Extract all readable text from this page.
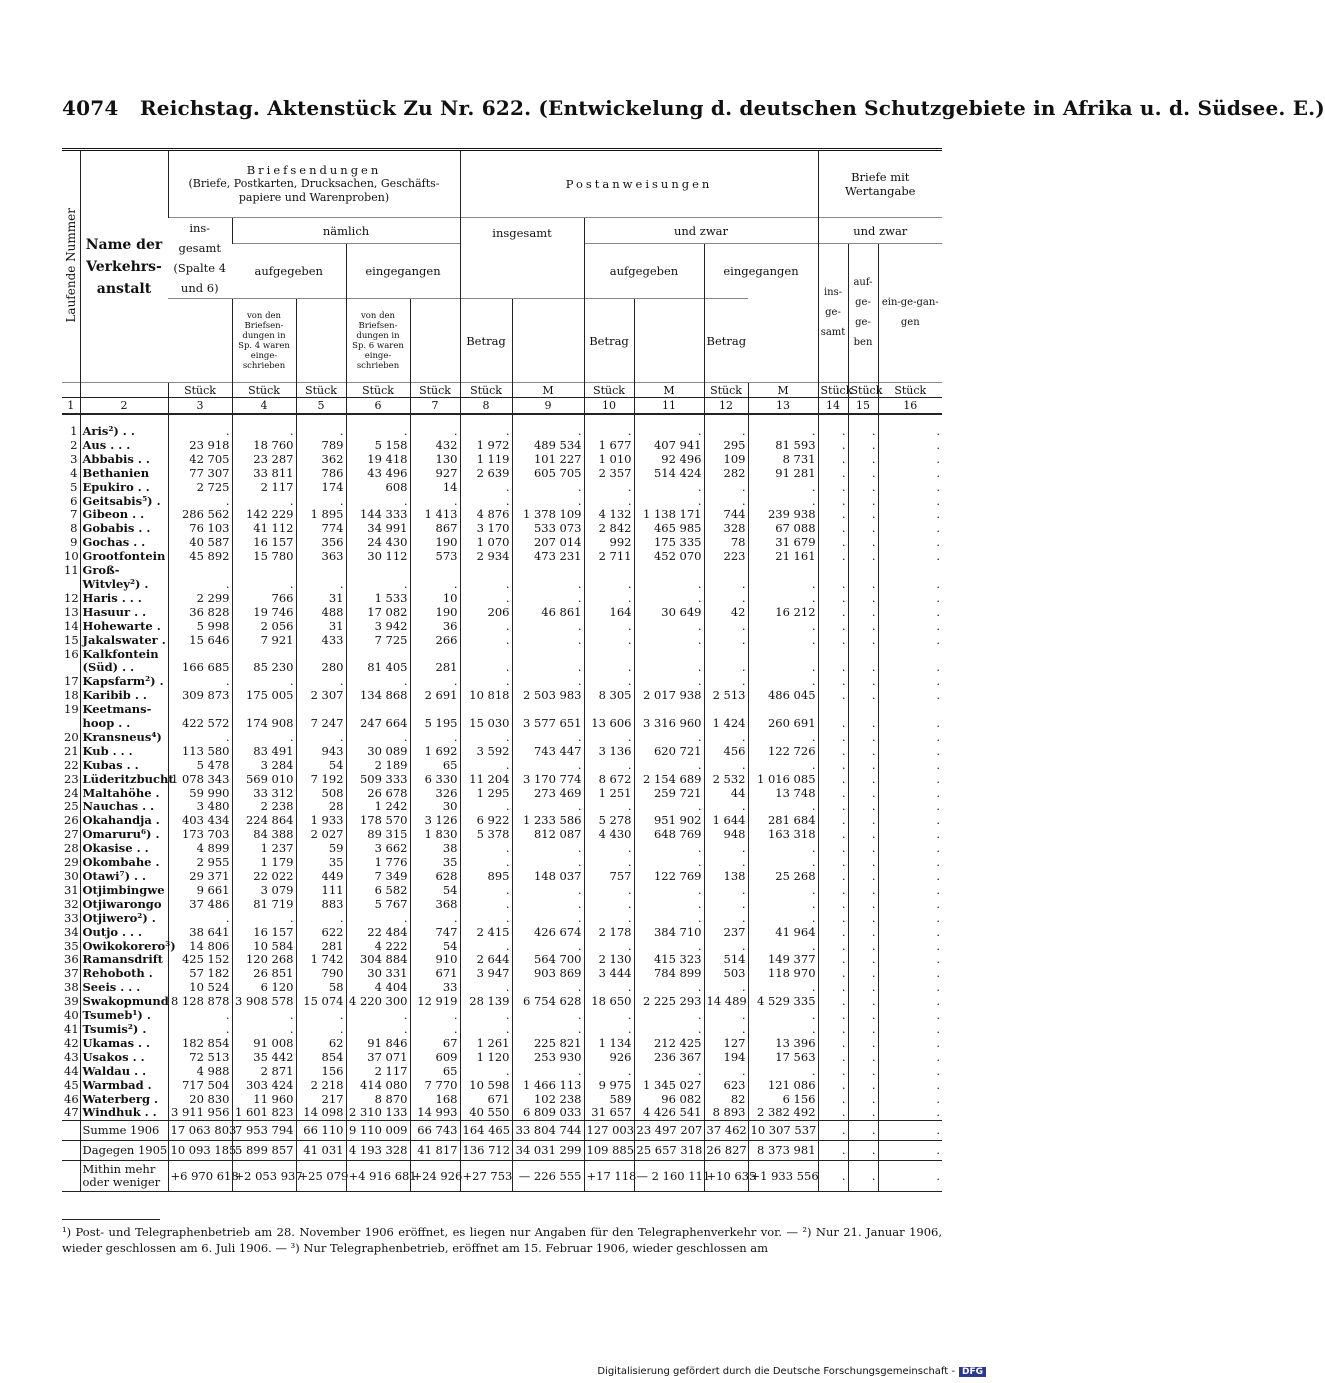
4074 Reichstag. Aktenstück Zu Nr. 622. (Entwickelung d. deutschen Schutzgebiete in Afrika u. d. Südsee. E.)
Laufende Nummer	Name der Verkehrs-anstalt	Briefsendungen
(Briefe, Postkarten, Drucksachen, Geschäfts-papiere und Warenproben)					Postanweisungen						Briefe mit Wertangabe		
		ins-gesamt (Spalte 4 und 6)	nämlich				insgesamt		und zwar				und zwar		
			aufgegeben		eingegangen				aufgegeben		eingegangen		ins-ge-samt	auf-ge-ge-ben	ein-ge-gan-gen
			von den Briefsen-dungen in Sp. 4 waren einge-schrieben		von den Briefsen-dungen in Sp. 6 waren einge-schrieben		Betrag		Betrag		Betrag				
		Stück	Stück	Stück	Stück	Stück	Stück	M	Stück	M	Stück	M	Stück	Stück	Stück
1	2	3	4	5	6	7	8	9	10	11	12	13	14	15	16
1	Aris²) . .	.	.	.	.	.	.	.	.	.	.	.	.	.	.
2	Aus . . .	23 918	18 760	789	5 158	432	1 972	489 534	1 677	407 941	295	81 593	.	.	.
3	Abbabis . .	42 705	23 287	362	19 418	130	1 119	101 227	1 010	92 496	109	8 731	.	.	.
4	Bethanien	77 307	33 811	786	43 496	927	2 639	605 705	2 357	514 424	282	91 281	.	.	.
5	Epukiro . .	2 725	2 117	174	608	14	.	.	.	.	.	.	.	.	.
6	Geitsabis⁵) .	.	.	.	.	.	.	.	.	.	.	.	.	.	.
7	Gibeon . .	286 562	142 229	1 895	144 333	1 413	4 876	1 378 109	4 132	1 138 171	744	239 938	.	.	.
8	Gobabis . .	76 103	41 112	774	34 991	867	3 170	533 073	2 842	465 985	328	67 088	.	.	.
9	Gochas . .	40 587	16 157	356	24 430	190	1 070	207 014	992	175 335	78	31 679	.	.	.
10	Grootfontein	45 892	15 780	363	30 112	573	2 934	473 231	2 711	452 070	223	21 161	.	.	.
11	Groß-														
	Witvley²) .	.	.	.	.	.	.	.	.	.	.	.	.	.	.
12	Haris . . .	2 299	766	31	1 533	10	.	.	.	.	.	.	.	.	.
13	Hasuur . .	36 828	19 746	488	17 082	190	206	46 861	164	30 649	42	16 212	.	.	.
14	Hohewarte .	5 998	2 056	31	3 942	36	.	.	.	.	.	.	.	.	.
15	Jakalswater .	15 646	7 921	433	7 725	266	.	.	.	.	.	.	.	.	.
16	Kalkfontein														
	(Süd) . .	166 685	85 230	280	81 405	281	.	.	.	.	.	.	.	.	.
17	Kapsfarm²) .	.	.	.	.	.	.	.	.	.	.	.	.	.	.
18	Karibib . .	309 873	175 005	2 307	134 868	2 691	10 818	2 503 983	8 305	2 017 938	2 513	486 045	.	.	.
19	Keetmans-														
	hoop . .	422 572	174 908	7 247	247 664	5 195	15 030	3 577 651	13 606	3 316 960	1 424	260 691	.	.	.
20	Kransneus⁴)	.	.	.	.	.	.	.	.	.	.	.	.	.	.
21	Kub . . .	113 580	83 491	943	30 089	1 692	3 592	743 447	3 136	620 721	456	122 726	.	.	.
22	Kubas . .	5 478	3 284	54	2 189	65	.	.	.	.	.	.	.	.	.
23	Lüderitzbucht	1 078 343	569 010	7 192	509 333	6 330	11 204	3 170 774	8 672	2 154 689	2 532	1 016 085	.	.	.
24	Maltahöhe .	59 990	33 312	508	26 678	326	1 295	273 469	1 251	259 721	44	13 748	.	.	.
25	Nauchas . .	3 480	2 238	28	1 242	30	.	.	.	.	.	.	.	.	.
26	Okahandja .	403 434	224 864	1 933	178 570	3 126	6 922	1 233 586	5 278	951 902	1 644	281 684	.	.	.
27	Omaruru⁶) .	173 703	84 388	2 027	89 315	1 830	5 378	812 087	4 430	648 769	948	163 318	.	.	.
28	Okasise . .	4 899	1 237	59	3 662	38	.	.	.	.	.	.	.	.	.
29	Okombahe .	2 955	1 179	35	1 776	35	.	.	.	.	.	.	.	.	.
30	Otawi⁷) . .	29 371	22 022	449	7 349	628	895	148 037	757	122 769	138	25 268	.	.	.
31	Otjimbingwe	9 661	3 079	111	6 582	54	.	.	.	.	.	.	.	.	.
32	Otjiwarongo	37 486	81 719	883	5 767	368	.	.	.	.	.	.	.	.	.
33	Otjiwero²) .	.	.	.	.	.	.	.	.	.	.	.	.	.	.
34	Outjo . . .	38 641	16 157	622	22 484	747	2 415	426 674	2 178	384 710	237	41 964	.	.	.
35	Owikokorero³)	14 806	10 584	281	4 222	54	.	.	.	.	.	.	.	.	.
36	Ramansdrift	425 152	120 268	1 742	304 884	910	2 644	564 700	2 130	415 323	514	149 377	.	.	.
37	Rehoboth .	57 182	26 851	790	30 331	671	3 947	903 869	3 444	784 899	503	118 970	.	.	.
38	Seeis . . .	10 524	6 120	58	4 404	33	.	.	.	.	.	.	.	.	.
39	Swakopmund	8 128 878	3 908 578	15 074	4 220 300	12 919	28 139	6 754 628	18 650	2 225 293	14 489	4 529 335	.	.	.
40	Tsumeb¹) .	.	.	.	.	.	.	.	.	.	.	.	.	.	.
41	Tsumis²) .	.	.	.	.	.	.	.	.	.	.	.	.	.	.
42	Ukamas . .	182 854	91 008	62	91 846	67	1 261	225 821	1 134	212 425	127	13 396	.	.	.
43	Usakos . .	72 513	35 442	854	37 071	609	1 120	253 930	926	236 367	194	17 563	.	.	.
44	Waldau . .	4 988	2 871	156	2 117	65	.	.	.	.	.	.	.	.	.
45	Warmbad .	717 504	303 424	2 218	414 080	7 770	10 598	1 466 113	9 975	1 345 027	623	121 086	.	.	.
46	Waterberg .	20 830	11 960	217	8 870	168	671	102 238	589	96 082	82	6 156	.	.	.
47	Windhuk . .	3 911 956	1 601 823	14 098	2 310 133	14 993	40 550	6 809 033	31 657	4 426 541	8 893	2 382 492	.	.	.
	Summe 1906	17 063 803	7 953 794	66 110	9 110 009	66 743	164 465	33 804 744	127 003	23 497 207	37 462	10 307 537	.	.	.
	Dagegen 1905	10 093 185	5 899 857	41 031	4 193 328	41 817	136 712	34 031 299	109 885	25 657 318	26 827	8 373 981	.	.	.
	Mithin mehr oder weniger	+6 970 618	+2 053 937	+25 079	+4 916 681	+24 926	+27 753	— 226 555	+17 118	— 2 160 111	+10 635	+1 933 556	.	.	.
¹) Post- und Telegraphenbetrieb am 28. November 1906 eröffnet, es liegen nur Angaben für den Telegraphenverkehr vor. — ²) Nur 21. Januar 1906, wieder geschlossen am 6. Juli 1906. — ³) Nur Telegraphenbetrieb, eröffnet am 15. Februar 1906, wieder geschlossen am
Digitalisierung gefördert durch die Deutsche Forschungsgemeinschaft - DFG
